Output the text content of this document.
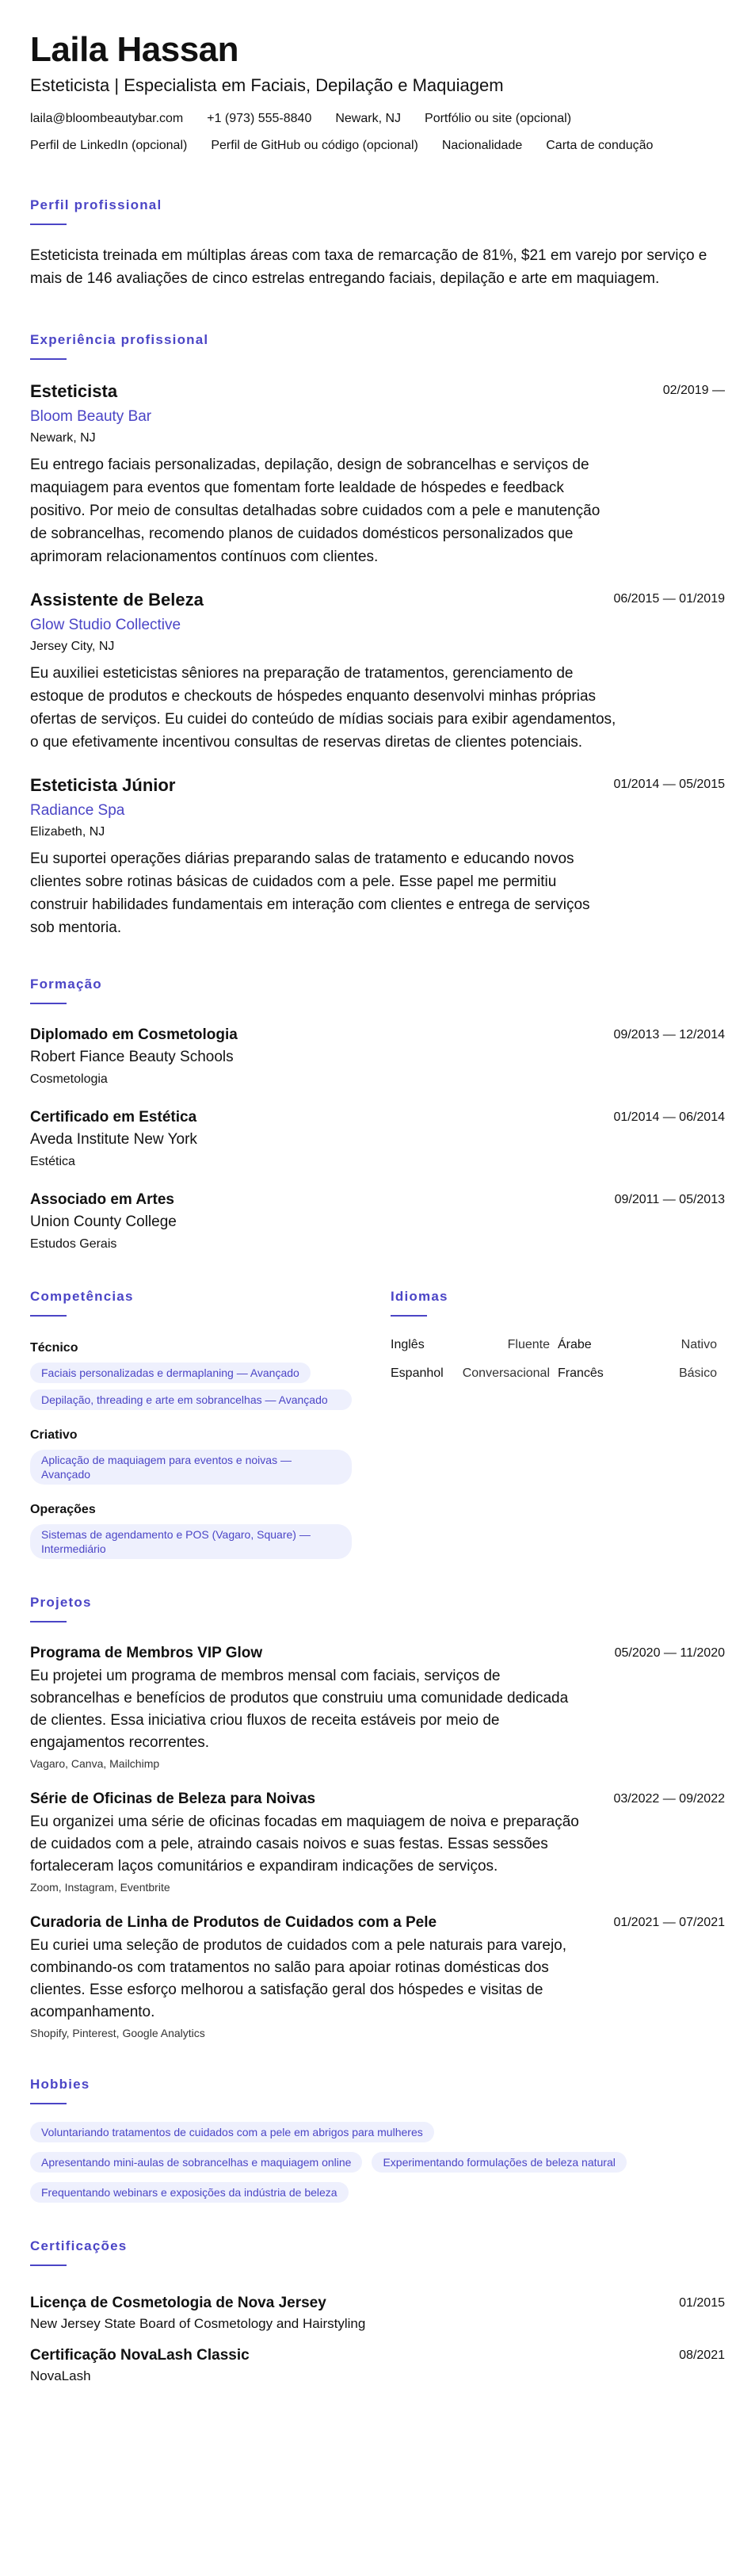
Laila Hassan
Esteticista | Especialista em Faciais, Depilação e Maquiagem
laila@bloombeautybar.com +1 (973) 555-8840 Newark, NJ Portfólio ou site (opcional)
Perfil de LinkedIn (opcional) Perfil de GitHub ou código (opcional) Nacionalidade Carta de condução
Perfil profissional
Esteticista treinada em múltiplas áreas com taxa de remarcação de 81%, $21 em varejo por serviço e mais de 146 avaliações de cinco estrelas entregando faciais, depilação e arte em maquiagem.
Experiência profissional
Esteticista
Bloom Beauty Bar
Newark, NJ
Eu entrego faciais personalizadas, depilação, design de sobrancelhas e serviços de maquiagem para eventos que fomentam forte lealdade de hóspedes e feedback positivo. Por meio de consultas detalhadas sobre cuidados com a pele e manutenção de sobrancelhas, recomendo planos de cuidados domésticos personalizados que aprimoram relacionamentos contínuos com clientes.
02/2019 —
Assistente de Beleza
Glow Studio Collective
Jersey City, NJ
Eu auxiliei esteticistas sêniores na preparação de tratamentos, gerenciamento de estoque de produtos e checkouts de hóspedes enquanto desenvolvi minhas próprias ofertas de serviços. Eu cuidei do conteúdo de mídias sociais para exibir agendamentos, o que efetivamente incentivou consultas de reservas diretas de clientes potenciais.
06/2015 — 01/2019
Esteticista Júnior
Radiance Spa
Elizabeth, NJ
Eu suportei operações diárias preparando salas de tratamento e educando novos clientes sobre rotinas básicas de cuidados com a pele. Esse papel me permitiu construir habilidades fundamentais em interação com clientes e entrega de serviços sob mentoria.
01/2014 — 05/2015
Formação
Diplomado em Cosmetologia
Robert Fiance Beauty Schools
Cosmetologia
09/2013 — 12/2014
Certificado em Estética
Aveda Institute New York
Estética
01/2014 — 06/2014
Associado em Artes
Union County College
Estudos Gerais
09/2011 — 05/2013
Competências
Técnico
Faciais personalizadas e dermaplaning — Avançado
Depilação, threading e arte em sobrancelhas — Avançado
Criativo
Aplicação de maquiagem para eventos e noivas — Avançado
Operações
Sistemas de agendamento e POS (Vagaro, Square) — Intermediário
Idiomas
Inglês	Fluente Árabe	Nativo
Espanhol Conversacional Francês	Básico
Projetos
Programa de Membros VIP Glow
Eu projetei um programa de membros mensal com faciais, serviços de sobrancelhas e benefícios de produtos que construiu uma comunidade dedicada de clientes. Essa iniciativa criou fluxos de receita estáveis por meio de engajamentos recorrentes.
Vagaro, Canva, Mailchimp
05/2020 — 11/2020
Série de Oficinas de Beleza para Noivas
Eu organizei uma série de oficinas focadas em maquiagem de noiva e preparação de cuidados com a pele, atraindo casais noivos e suas festas. Essas sessões fortaleceram laços comunitários e expandiram indicações de serviços.
Zoom, Instagram, Eventbrite
03/2022 — 09/2022
Curadoria de Linha de Produtos de Cuidados com a Pele
Eu curiei uma seleção de produtos de cuidados com a pele naturais para varejo, combinando-os com tratamentos no salão para apoiar rotinas domésticas dos clientes. Esse esforço melhorou a satisfação geral dos hóspedes e visitas de acompanhamento.
Shopify, Pinterest, Google Analytics
01/2021 — 07/2021
Hobbies
Voluntariando tratamentos de cuidados com a pele em abrigos para mulheres
Apresentando mini-aulas de sobrancelhas e maquiagem online	Experimentando formulações de beleza natural
Frequentando webinars e exposições da indústria de beleza
Certificações
Licença de Cosmetologia de Nova Jersey
New Jersey State Board of Cosmetology and Hairstyling
01/2015
Certificação NovaLash Classic
NovaLash
08/2021
